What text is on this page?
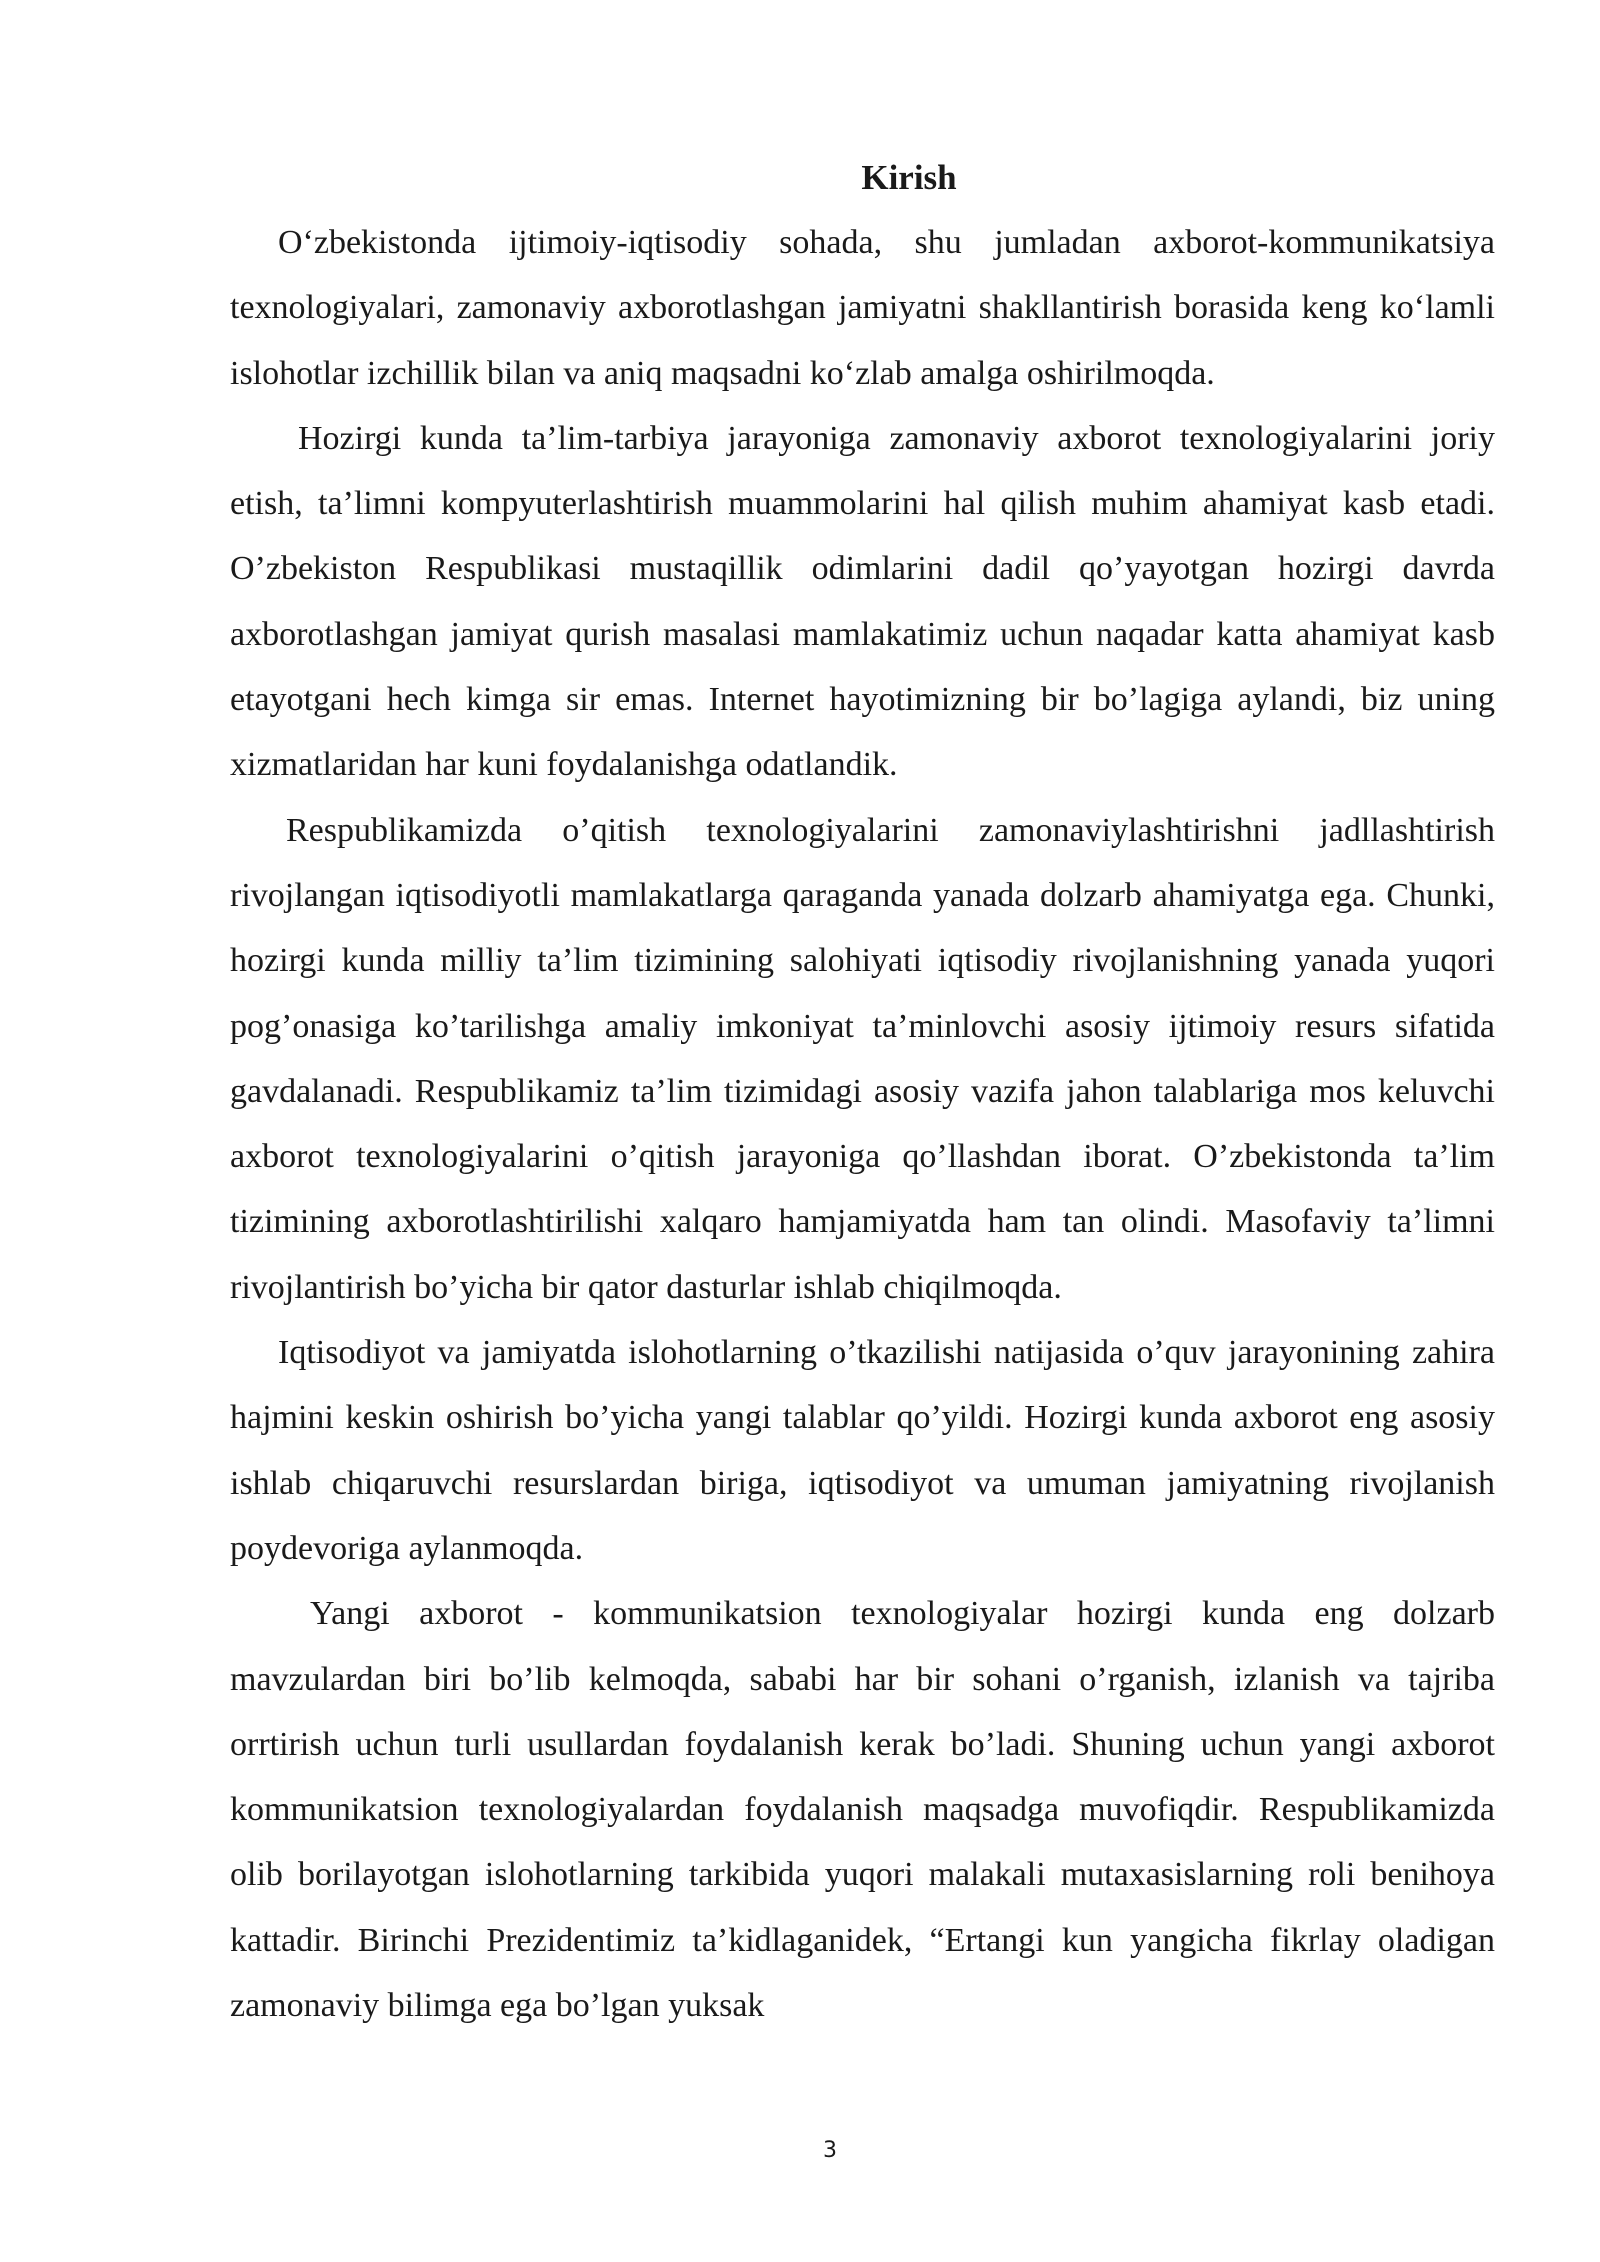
Kirish

O‘zbekistonda ijtimoiy-iqtisodiy sohada, shu jumladan axborot-kommunikatsiya texnologiyalari, zamonaviy axborotlashgan jamiyatni shakllantirish borasida keng ko‘lamli islohotlar izchillik bilan va aniq maqsadni ko‘zlab amalga oshirilmoqda.

Hozirgi kunda ta’lim-tarbiya jarayoniga zamonaviy axborot texnologiyalarini joriy etish, ta’limni kompyuterlashtirish muammolarini hal qilish muhim ahamiyat kasb etadi. O’zbekiston Respublikasi mustaqillik odimlarini dadil qo’yayotgan hozirgi davrda axborotlashgan jamiyat qurish masalasi mamlakatimiz uchun naqadar katta ahamiyat kasb etayotgani hech kimga sir emas. Internet hayotimizning bir bo’lagiga aylandi, biz uning xizmatlaridan har kuni foydalanishga odatlandik.

Respublikamizda o’qitish texnologiyalarini zamonaviylashtirishni jadllashtirish rivojlangan iqtisodiyotli mamlakatlarga qaraganda yanada dolzarb ahamiyatga ega. Chunki, hozirgi kunda milliy ta’lim tizimining salohiyati iqtisodiy rivojlanishning yanada yuqori pog’onasiga ko’tarilishga amaliy imkoniyat ta’minlovchi asosiy ijtimoiy resurs sifatida gavdalanadi. Respublikamiz ta’lim tizimidagi asosiy vazifa jahon talablariga mos keluvchi axborot texnologiyalarini o’qitish jarayoniga qo’llashdan iborat. O’zbekistonda ta’lim tizimining axborotlashtirilishi xalqaro hamjamiyatda ham tan olindi. Masofaviy ta’limni rivojlantirish bo’yicha bir qator dasturlar ishlab chiqilmoqda.

Iqtisodiyot va jamiyatda islohotlarning o’tkazilishi natijasida o’quv jarayonining zahira hajmini keskin oshirish bo’yicha yangi talablar qo’yildi. Hozirgi kunda axborot eng asosiy ishlab chiqaruvchi resurslardan biriga, iqtisodiyot va umuman jamiyatning rivojlanish poydevoriga aylanmoqda.

Yangi axborot - kommunikatsion texnologiyalar hozirgi kunda eng dolzarb mavzulardan biri bo’lib kelmoqda, sababi har bir sohani o’rganish, izlanish va tajriba orrtirish uchun turli usullardan foydalanish kerak bo’ladi. Shuning uchun yangi axborot kommunikatsion texnologiyalardan foydalanish maqsadga muvofiqdir. Respublikamizda olib borilayotgan islohotlarning tarkibida yuqori malakali mutaxasislarning roli benihoya kattadir. Birinchi Prezidentimiz ta’kidlaganidek, “Ertangi kun yangicha fikrlay oladigan zamonaviy bilimga ega bo’lgan yuksak

3
